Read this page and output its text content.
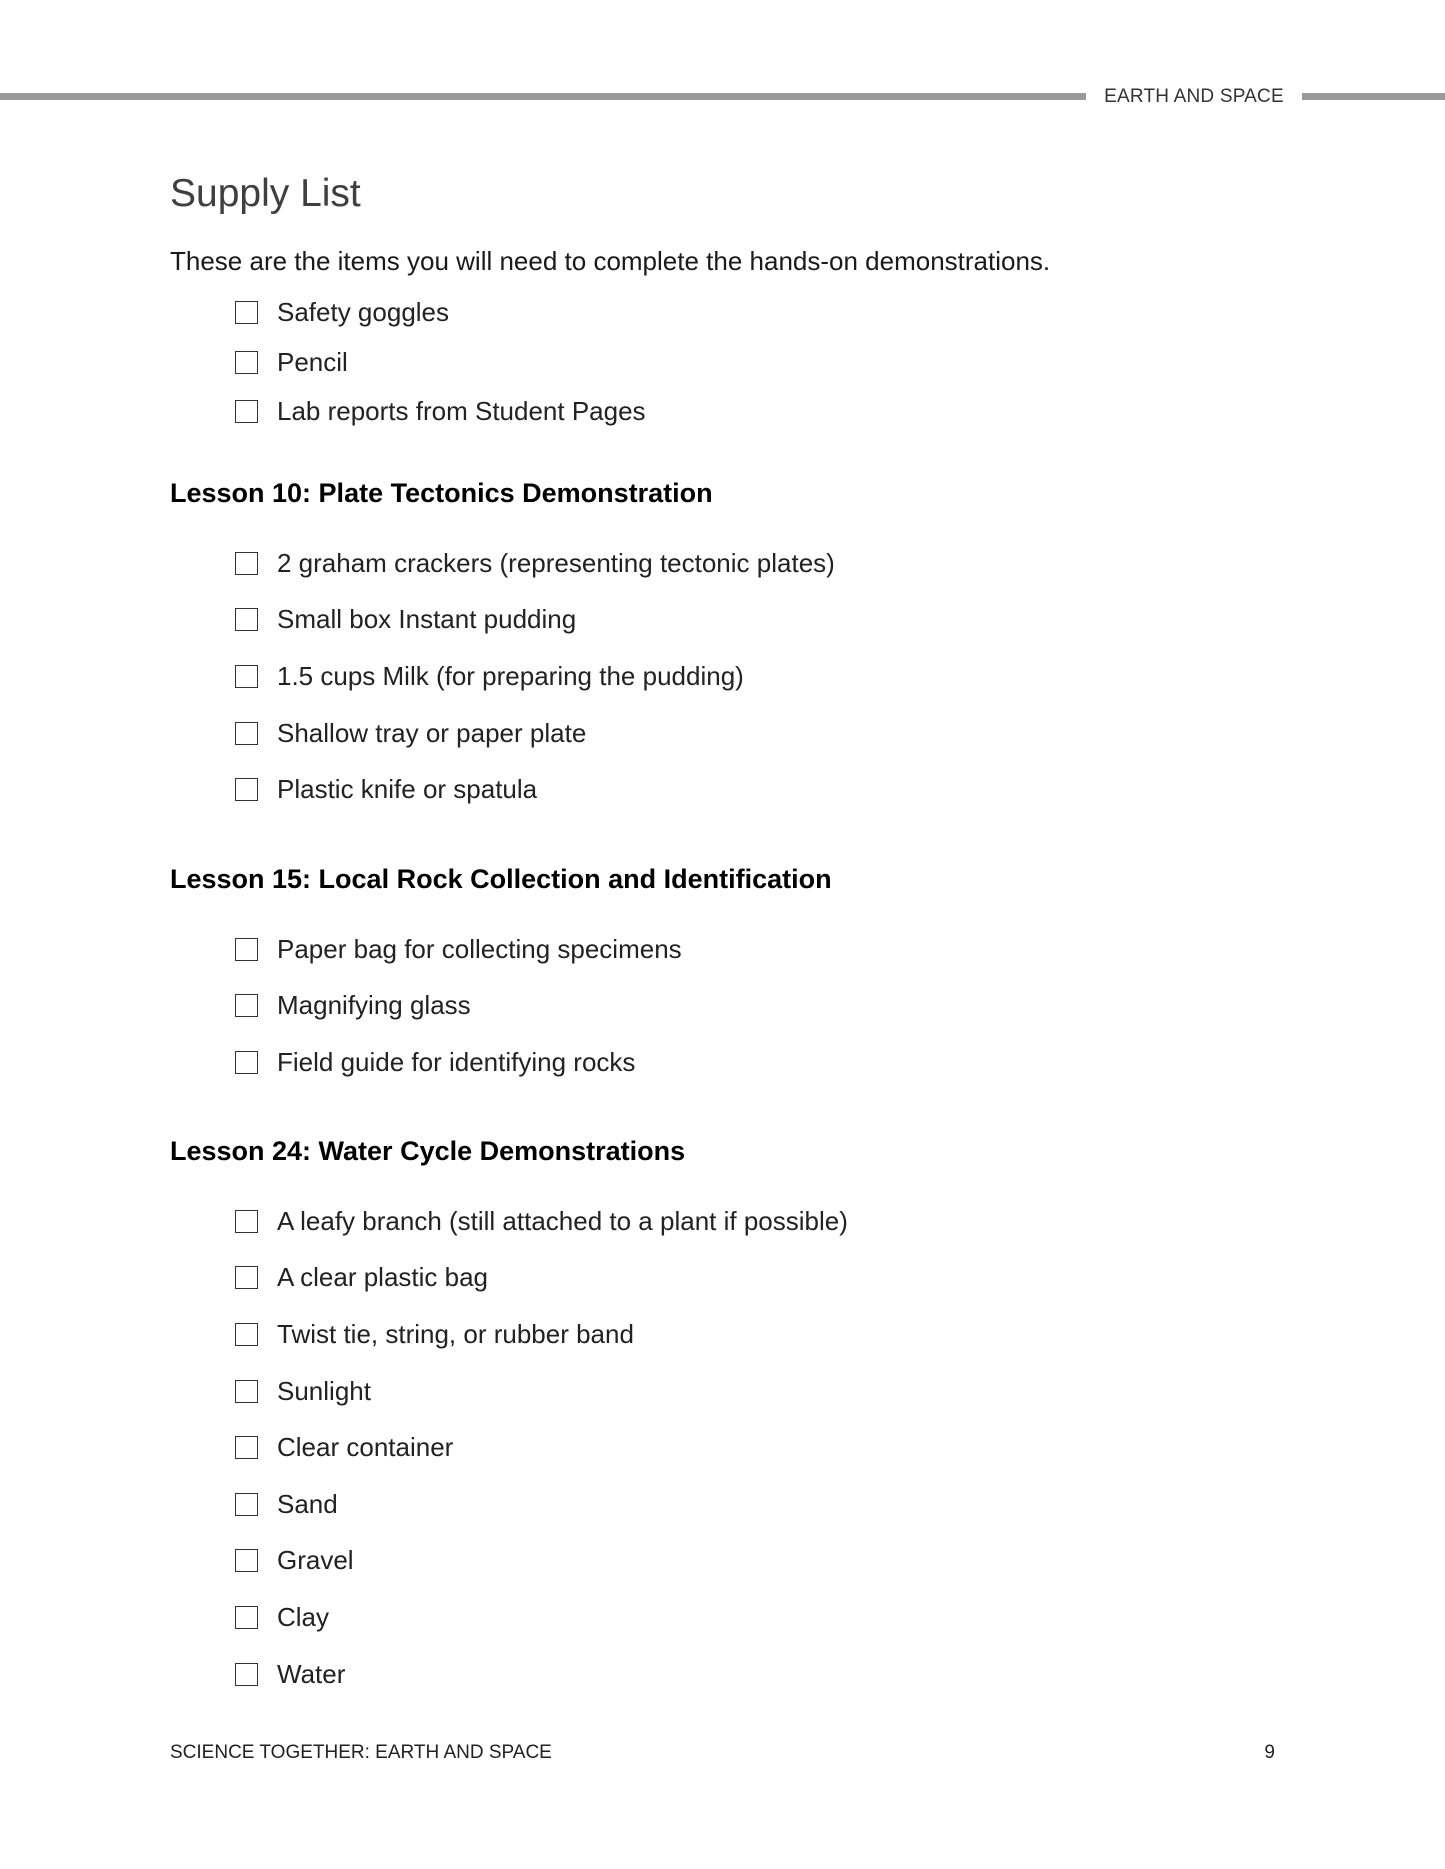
EARTH AND SPACE
Supply List

These are the items you will need to complete the hands-on demonstrations.

Safety goggles
Pencil
Lab reports from Student Pages
Lesson 10: Plate Tectonics Demonstration
2 graham crackers (representing tectonic plates)
Small box Instant pudding
1.5 cups Milk (for preparing the pudding)
Shallow tray or paper plate
Plastic knife or spatula
Lesson 15: Local Rock Collection and Identification
Paper bag for collecting specimens
Magnifying glass
Field guide for identifying rocks
Lesson 24: Water Cycle Demonstrations
A leafy branch (still attached to a plant if possible)
A clear plastic bag
Twist tie, string, or rubber band
Sunlight
Clear container
Sand
Gravel
Clay
Water
SCIENCE TOGETHER: EARTH AND SPACE	9
